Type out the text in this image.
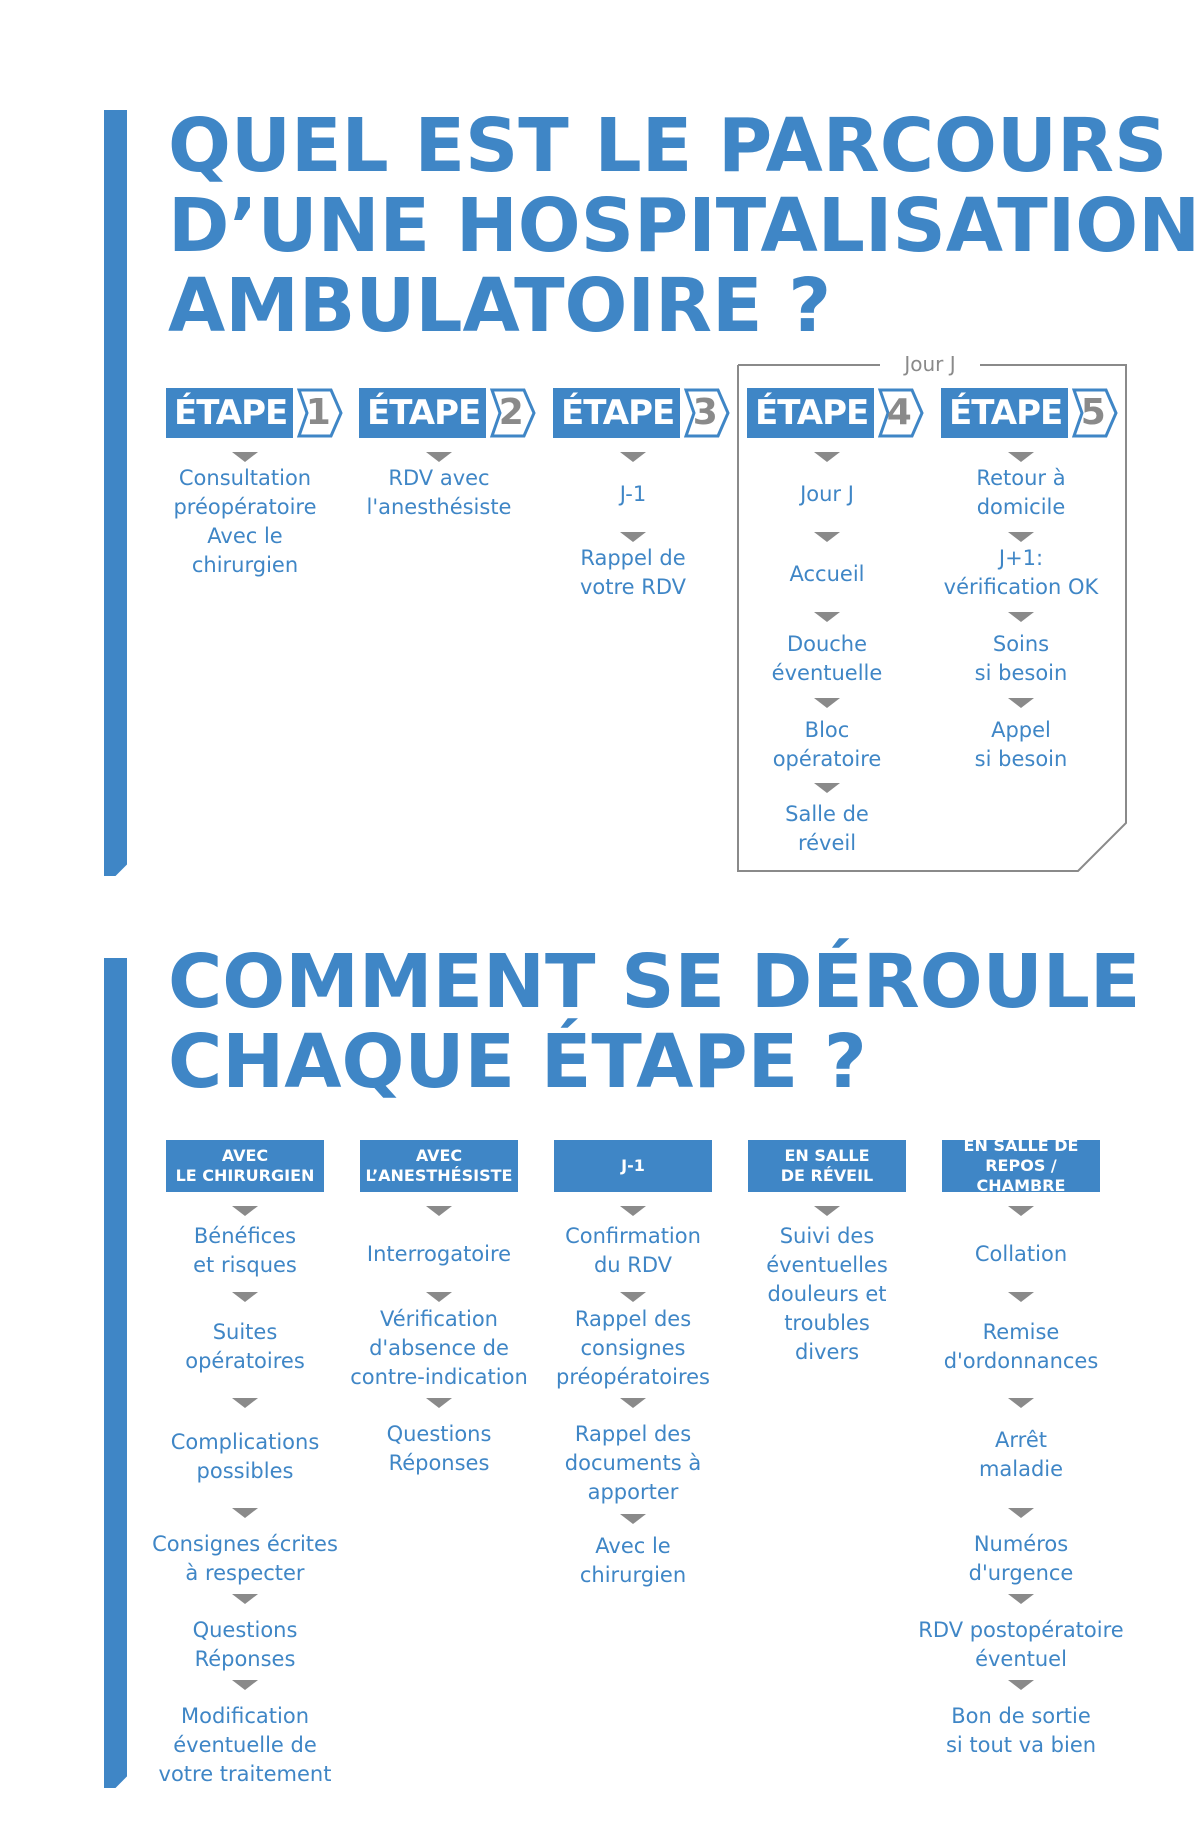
QUEL EST LE PARCOURS
D’UNE HOSPITALISATION
AMBULATOIRE ?
Jour J
ÉTAPE 1	ÉTAPE 2	ÉTAPE 3	ÉTAPE 4	ÉTAPE 5
Consultation
préopératoire
Avec le
chirurgien
RDV avec
l'anesthésiste
J-1
Rappel de
votre RDV
Jour J
Accueil
Douche
éventuelle
Bloc
opératoire
Salle de
réveil
Retour à
domicile
J+1:
vérification OK
Soins
si besoin
Appel
si besoin
COMMENT SE DÉROULE
CHAQUE ÉTAPE ?
AVEC
LE CHIRURGIEN
AVEC
L’ANESTHÉSISTE
J-1
EN SALLE
DE RÉVEIL
EN SALLE DE
REPOS / CHAMBRE
Bénéfices
et risques
Suites
opératoires
Complications
possibles
Consignes écrites
à respecter
Questions
Réponses
Modification
éventuelle de
votre traitement
Interrogatoire
Vérification
d'absence de
contre-indication
Questions
Réponses
Confirmation
du RDV
Rappel des
consignes
préopératoires
Rappel des
documents à
apporter
Avec le
chirurgien
Suivi des
éventuelles
douleurs et
troubles
divers
Collation
Remise
d'ordonnances
Arrêt
maladie
Numéros
d'urgence
RDV postopératoire
éventuel
Bon de sortie
si tout va bien
